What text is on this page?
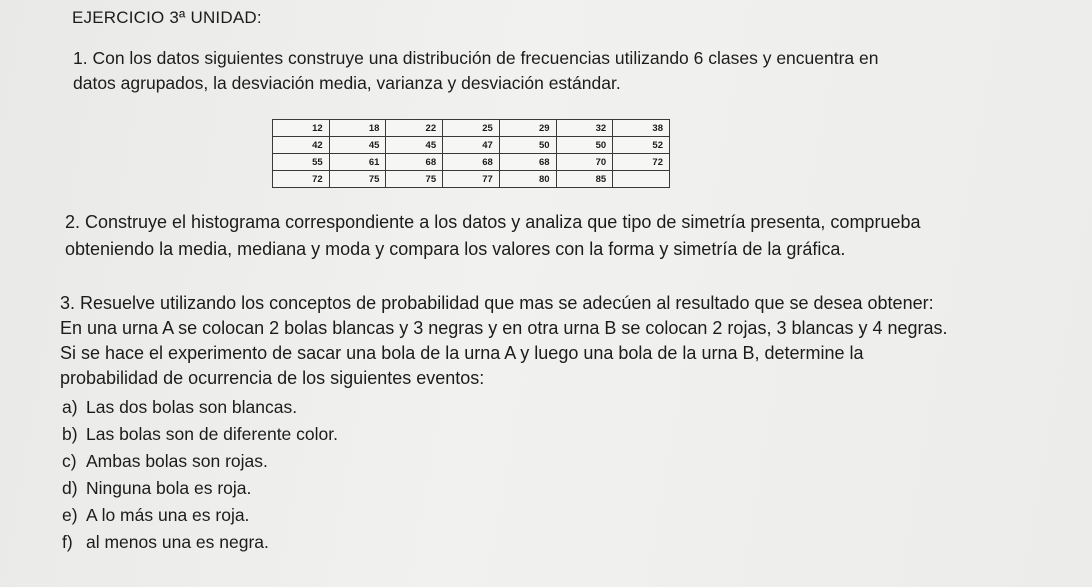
EJERCICIO 3ª UNIDAD:
1. Con los datos siguientes construye una distribución de frecuencias utilizando 6 clases y encuentra en
datos agrupados, la desviación media, varianza y desviación estándar.
12	18	22	25	29	32	38
42	45	45	47	50	50	52
55	61	68	68	68	70	72
72	75	75	77	80	85	
2. Construye el histograma correspondiente a los datos y analiza que tipo de simetría presenta, comprueba
obteniendo la media, mediana y moda y compara los valores con la forma y simetría de la gráfica.
3. Resuelve utilizando los conceptos de probabilidad que mas se adecúen al resultado que se desea obtener:
En una urna A se colocan 2 bolas blancas y 3 negras y en otra urna B se colocan 2 rojas, 3 blancas y 4 negras.
Si se hace el experimento de sacar una bola de la urna A y luego una bola de la urna B, determine la
probabilidad de ocurrencia de los siguientes eventos:
a) Las dos bolas son blancas.
b) Las bolas son de diferente color.
c) Ambas bolas son rojas.
d) Ninguna bola es roja.
e) A lo más una es roja.
f) al menos una es negra.
